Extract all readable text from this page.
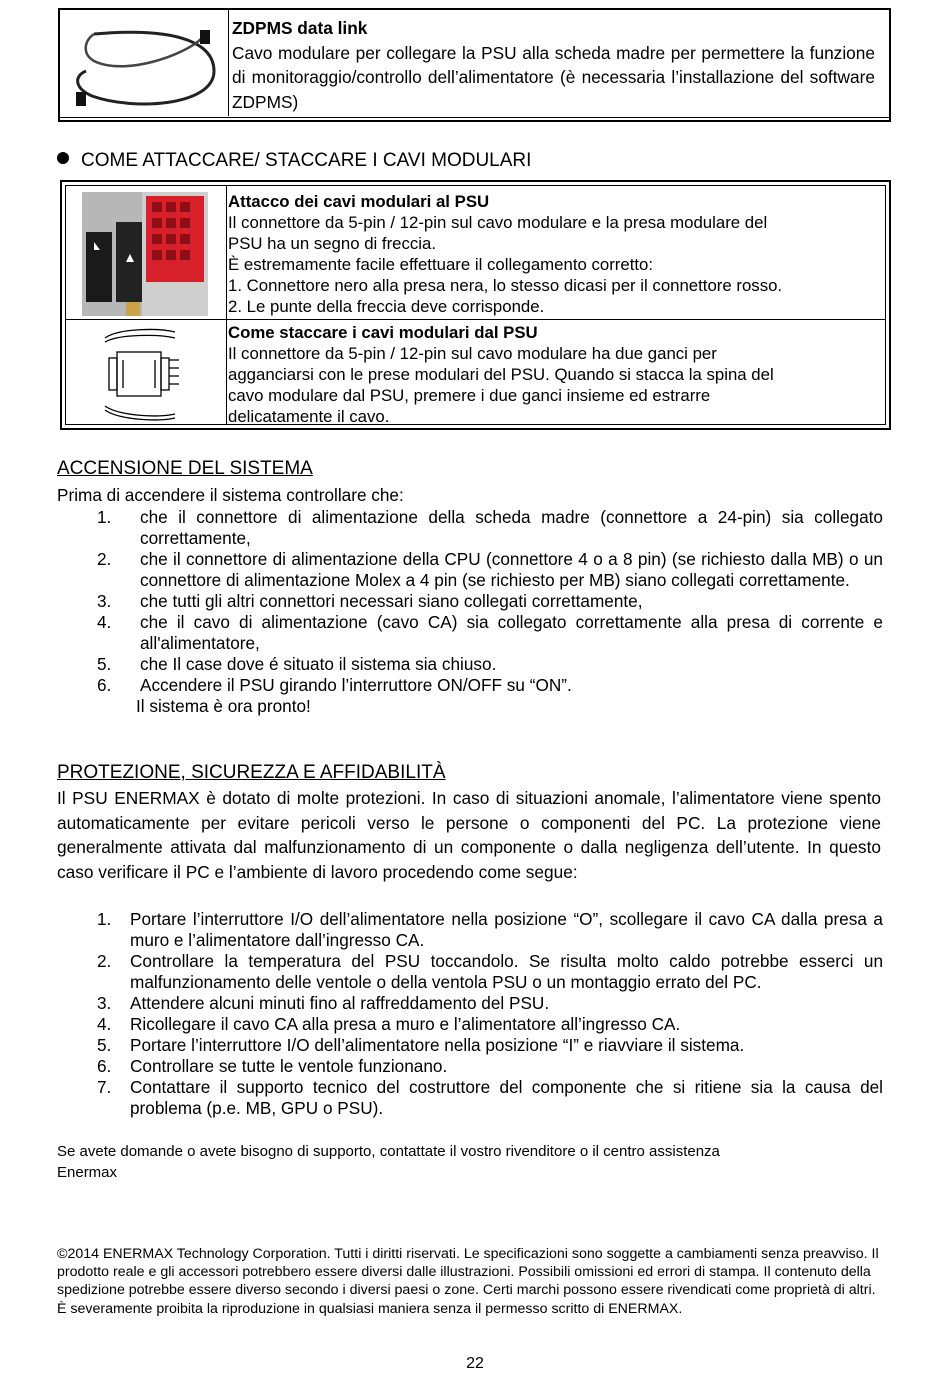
ZDPMS data link
Cavo modulare per collegare la PSU alla scheda madre per permettere la funzione di monitoraggio/controllo dell’alimentatore (è necessaria l’installazione del software ZDPMS)
COME ATTACCARE/ STACCARE I CAVI MODULARI
Attacco dei cavi modulari al PSU
Il connettore da 5-pin / 12-pin sul cavo modulare e la presa modulare del
PSU ha un segno di freccia.
È estremamente facile effettuare il collegamento corretto:
1. Connettore nero alla presa nera, lo stesso dicasi per il connettore rosso.
2. Le punte della freccia deve corrisponde.
Come staccare i cavi modulari dal PSU
Il connettore da 5-pin / 12-pin sul cavo modulare ha due ganci per
agganciarsi con le prese modulari del PSU. Quando si stacca la spina del
cavo modulare dal PSU, premere i due ganci insieme ed estrarre
delicatamente il cavo.
ACCENSIONE DEL SISTEMA
Prima di accendere il sistema controllare che:
1. che il connettore di alimentazione della scheda madre (connettore a 24-pin) sia collegato correttamente,
2. che il connettore di alimentazione della CPU (connettore 4 o a 8 pin) (se richiesto dalla MB) o un connettore di alimentazione Molex a 4 pin (se richiesto per MB) siano collegati correttamente.
3. che tutti gli altri connettori necessari siano collegati correttamente,
4. che il cavo di alimentazione (cavo CA) sia collegato correttamente alla presa di corrente e all'alimentatore,
5. che Il case dove é situato il sistema sia chiuso.
6. Accendere il PSU girando l’interruttore ON/OFF su “ON”.
Il sistema è ora pronto!
PROTEZIONE, SICUREZZA E AFFIDABILITÀ
Il PSU ENERMAX è dotato di molte protezioni. In caso di situazioni anomale, l’alimentatore viene spento automaticamente per evitare pericoli verso le persone o componenti del PC. La protezione viene generalmente attivata dal malfunzionamento di un componente o dalla negligenza dell’utente. In questo caso verificare il PC e l’ambiente di lavoro procedendo come segue:
1. Portare l’interruttore I/O dell’alimentatore nella posizione “O”, scollegare il cavo CA dalla presa a muro e l’alimentatore dall’ingresso CA.
2. Controllare la temperatura del PSU toccandolo. Se risulta molto caldo potrebbe esserci un malfunzionamento delle ventole o della ventola PSU o un montaggio errato del PC.
3. Attendere alcuni minuti fino al raffreddamento del PSU.
4. Ricollegare il cavo CA alla presa a muro e l’alimentatore all’ingresso CA.
5. Portare l’interruttore I/O dell’alimentatore nella posizione “I” e riavviare il sistema.
6. Controllare se tutte le ventole funzionano.
7. Contattare il supporto tecnico del costruttore del componente che si ritiene sia la causa del problema (p.e. MB, GPU o PSU).
Se avete domande o avete bisogno di supporto, contattate il vostro rivenditore o il centro assistenza Enermax
©2014 ENERMAX Technology Corporation. Tutti i diritti riservati. Le specificazioni sono soggette a cambiamenti senza preavviso. Il prodotto reale e gli accessori potrebbero essere diversi dalle illustrazioni. Possibili omissioni ed errori di stampa. Il contenuto della spedizione potrebbe essere diverso secondo i diversi paesi o zone. Certi marchi possono essere rivendicati come proprietà di altri. È severamente proibita la riproduzione in qualsiasi maniera senza il permesso scritto di ENERMAX.
22
